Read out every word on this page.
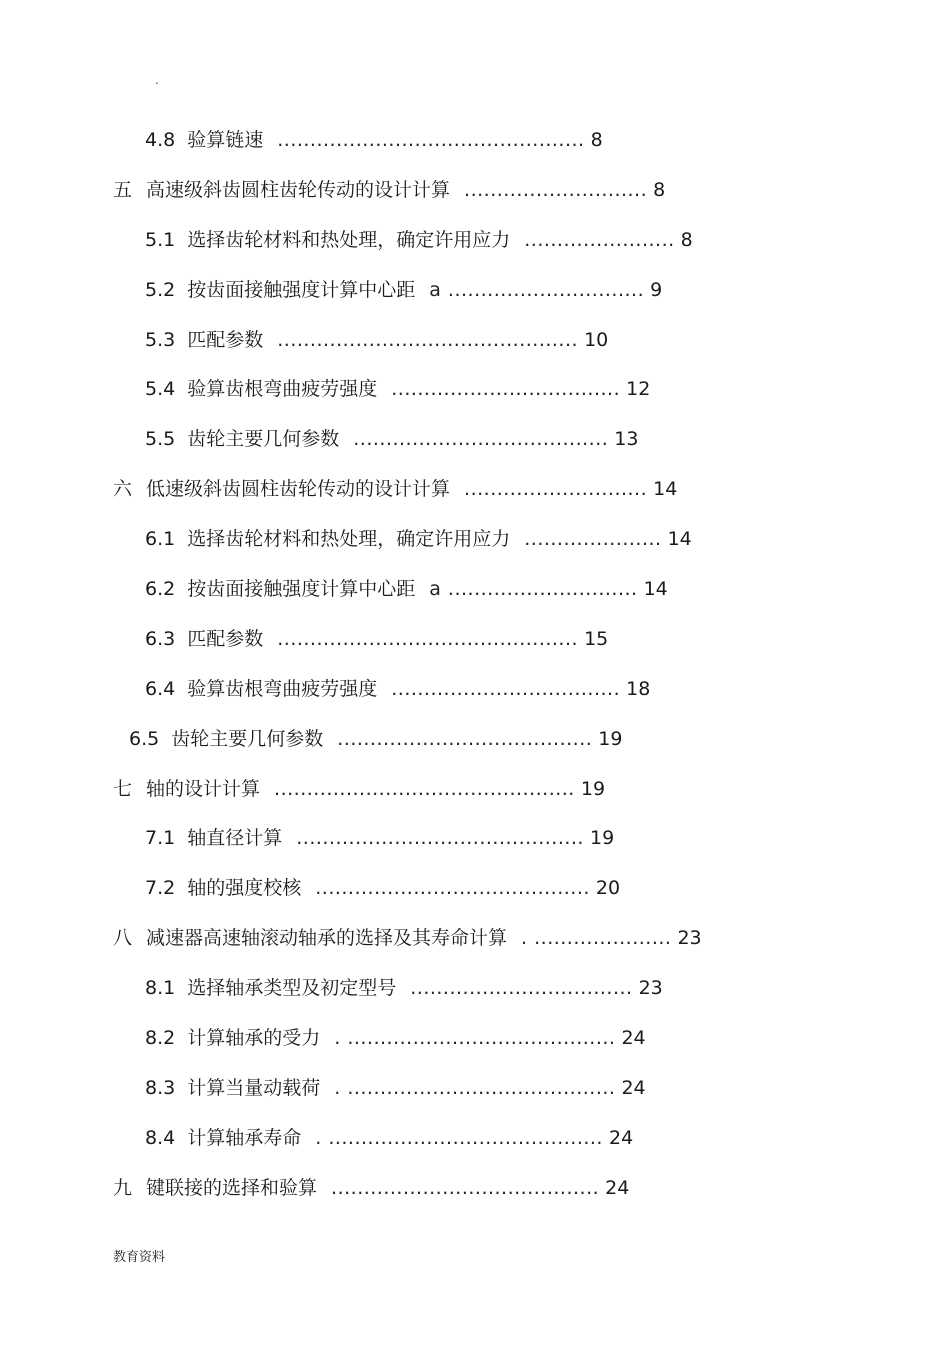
.
4.8验算链速 ............................................... 8
五 高速级斜齿圆柱齿轮传动的设计计算............................ 8
5.1 选择齿轮材料和热处理，确定许用应力....................... 8
5.2 按齿面接触强度计算中心距a .............................. 9
5.3匹配参数 .............................................. 10
5.4 验算齿根弯曲疲劳强度................................... 12
5.5 齿轮主要几何参数....................................... 13
六 低速级斜齿圆柱齿轮传动的设计计算............................ 14
6.1 选择齿轮材料和热处理，确定许用应力..................... 14
6.2 按齿面接触强度计算中心距a ............................. 14
6.3匹配参数 .............................................. 15
6.4 验算齿根弯曲疲劳强度................................... 18
6.5齿轮主要几何参数....................................... 19
七 轴的设计计算.............................................. 19
7.1轴直径计算............................................ 19
7.2轴的强度校核.......................................... 20
八 减速器高速轴滚动轴承的选择及其寿命计算. ..................... 23
8.1 选择轴承类型及初定型号.................................. 23
8.2 计算轴承的受力 . ......................................... 24
8.3 计算当量动载荷 . ......................................... 24
8.4 计算轴承寿命 . .......................................... 24
九 键联接的选择和验算......................................... 24
教育资料
